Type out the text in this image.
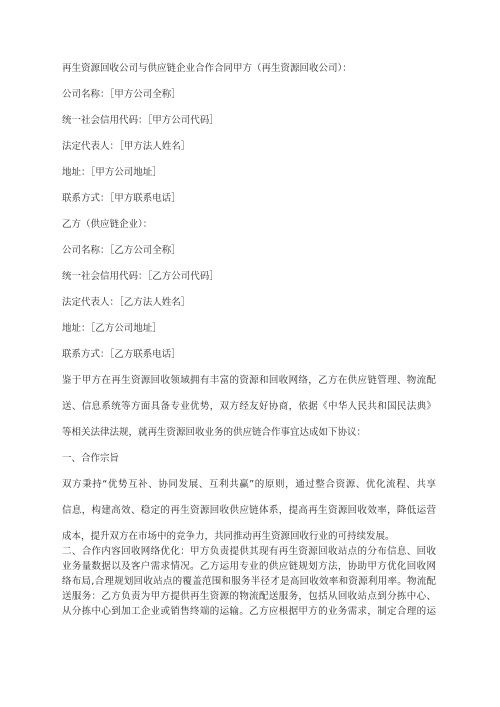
再生资源回收公司与供应链企业合作合同甲方（再生资源回收公司）：

公司名称：［甲方公司全称］

统一社会信用代码：［甲方公司代码］

法定代表人：［甲方法人姓名］

地址：［甲方公司地址］

联系方式：［甲方联系电话］

乙方（供应链企业）：

公司名称：［乙方公司全称］

统一社会信用代码：［乙方公司代码］

法定代表人：［乙方法人姓名］

地址：［乙方公司地址］

联系方式：［乙方联系电话］

鉴于甲方在再生资源回收领域拥有丰富的资源和回收网络，乙方在供应链管理、物流配

送、信息系统等方面具备专业优势，双方经友好协商，依据《中华人民共和国民法典》

等相关法律法规，就再生资源回收业务的供应链合作事宜达成如下协议：

一、合作宗旨

双方秉持“优势互补、协同发展、互利共赢”的原则，通过整合资源、优化流程、共享

信息，构建高效、稳定的再生资源回收供应链体系，提高再生资源回收效率，降低运营

成本，提升双方在市场中的竞争力，共同推动再生资源回收行业的可持续发展。

二、合作内容回收网络优化：甲方负责提供其现有再生资源回收站点的分布信息、回收

业务量数据以及客户需求情况。乙方运用专业的供应链规划方法，协助甲方优化回收网

络布局,合理规划回收站点的覆盖范围和服务半径才是高回收效率和资源利用率。物流配

送服务：乙方负责为甲方提供再生资源的物流配送服务，包括从回收站点到分拣中心、

从分拣中心到加工企业或销售终端的运输。乙方应根据甲方的业务需求，制定合理的运
